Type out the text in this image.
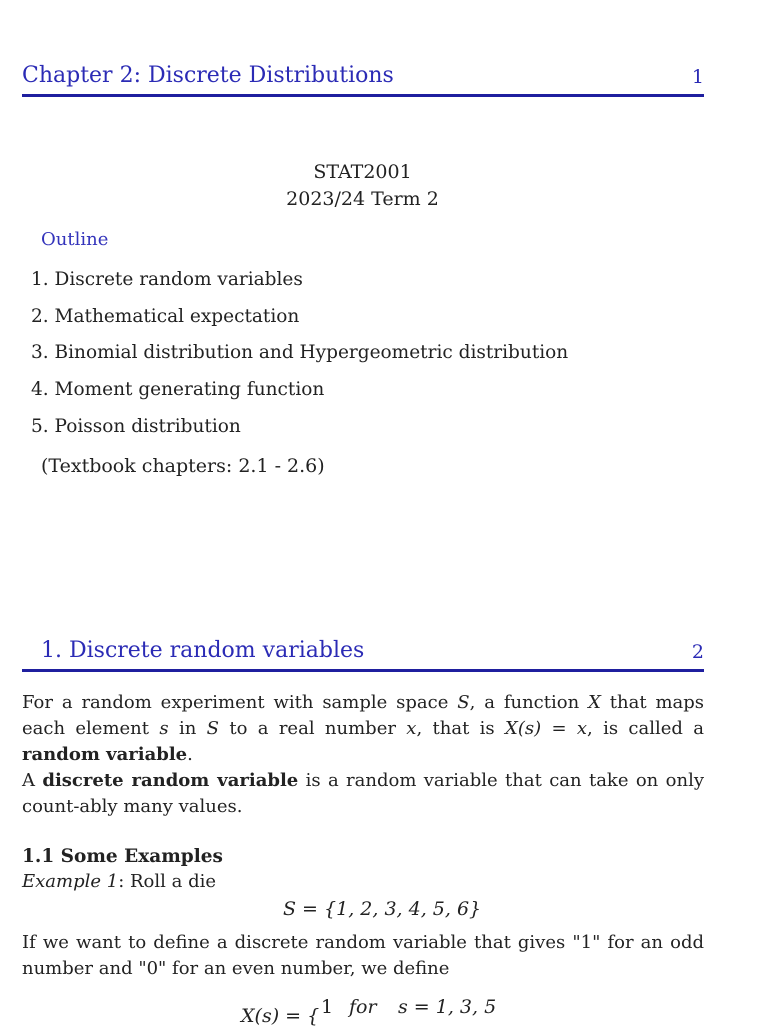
Chapter 2: Discrete Distributions	1
STAT2001
2023/24 Term 2
Outline
1. Discrete random variables
2. Mathematical expectation
3. Binomial distribution and Hypergeometric distribution
4. Moment generating function
5. Poisson distribution
(Textbook chapters: 2.1 - 2.6)
1. Discrete random variables	2
For a random experiment with sample space S, a function X that maps each element s in S to a real number x, that is X(s) = x, is called a random variable.
A discrete random variable is a random variable that can take on only count-ably many values.
1.1 Some Examples
Example 1: Roll a die
S = {1, 2, 3, 4, 5, 6}
If we want to define a discrete random variable that gives "1" for an odd number and "0" for an even number, we define
X(s) = { 1 for s = 1, 3, 5
